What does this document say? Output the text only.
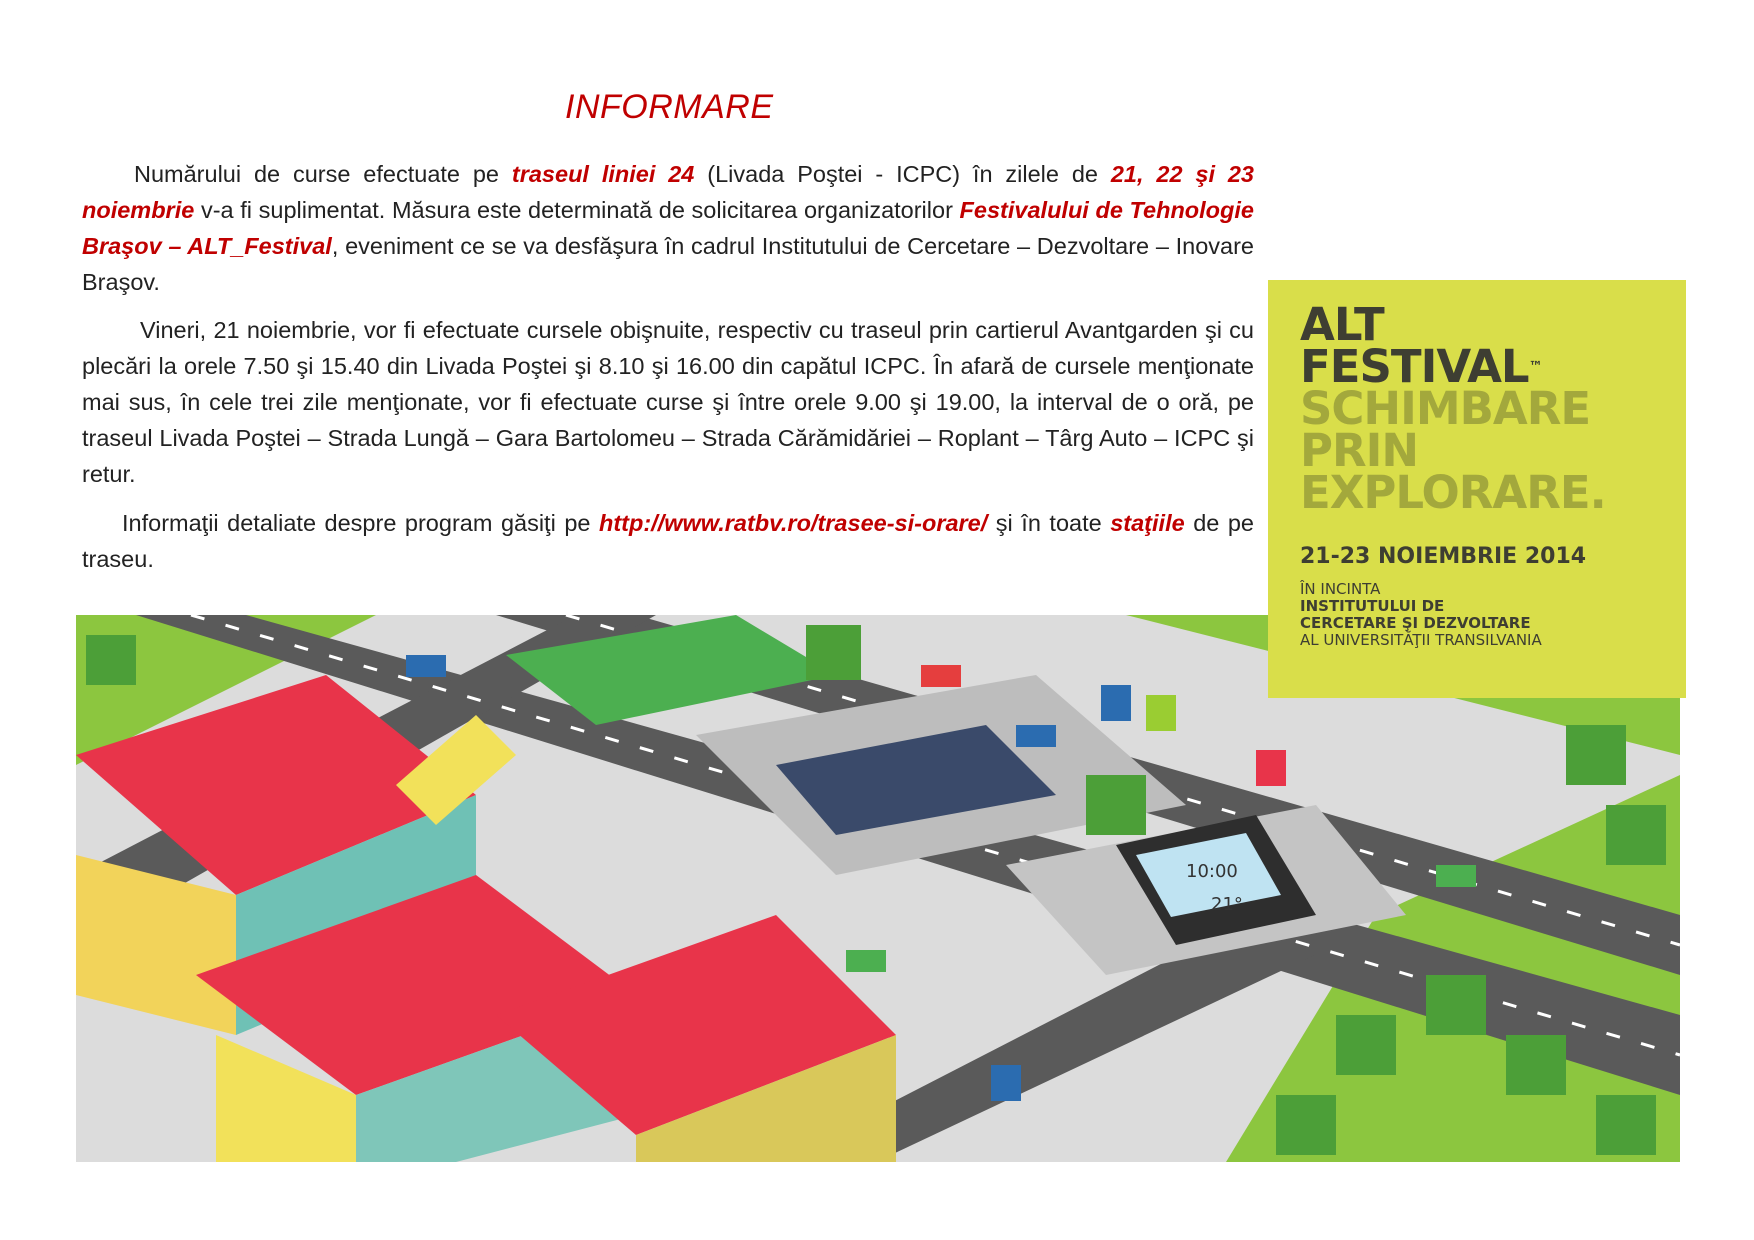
INFORMARE
Numărului de curse efectuate pe traseul liniei 24 (Livada Poştei - ICPC) în zilele de 21, 22 şi 23 noiembrie v-a fi suplimentat. Măsura este determinată de solicitarea organizatorilor Festivalului de Tehnologie Braşov – ALT_Festival, eveniment ce se va desfăşura în cadrul Institutului de Cercetare – Dezvoltare – Inovare Braşov.
Vineri, 21 noiembrie, vor fi efectuate cursele obişnuite, respectiv cu traseul prin cartierul Avantgarden şi cu plecări la orele 7.50 şi 15.40 din Livada Poştei şi 8.10 şi 16.00 din capătul ICPC. În afară de cursele menţionate mai sus, în cele trei zile menţionate, vor fi efectuate curse şi între orele 9.00 şi 19.00, la interval de o oră, pe traseul Livada Poştei – Strada Lungă – Gara Bartolomeu – Strada Cărămidăriei – Roplant – Târg Auto – ICPC şi retur.
Informaţii detaliate despre program găsiţi pe http://www.ratbv.ro/trasee-si-orare/ şi în toate staţiile de pe traseu.
10:00
21°
ALT
FESTIVAL™
SCHIMBARE
PRIN
EXPLORARE.
21-23 NOIEMBRIE 2014
ÎN INCINTA
INSTITUTULUI DE
CERCETARE ŞI DEZVOLTARE
AL UNIVERSITĂŢII TRANSILVANIA
